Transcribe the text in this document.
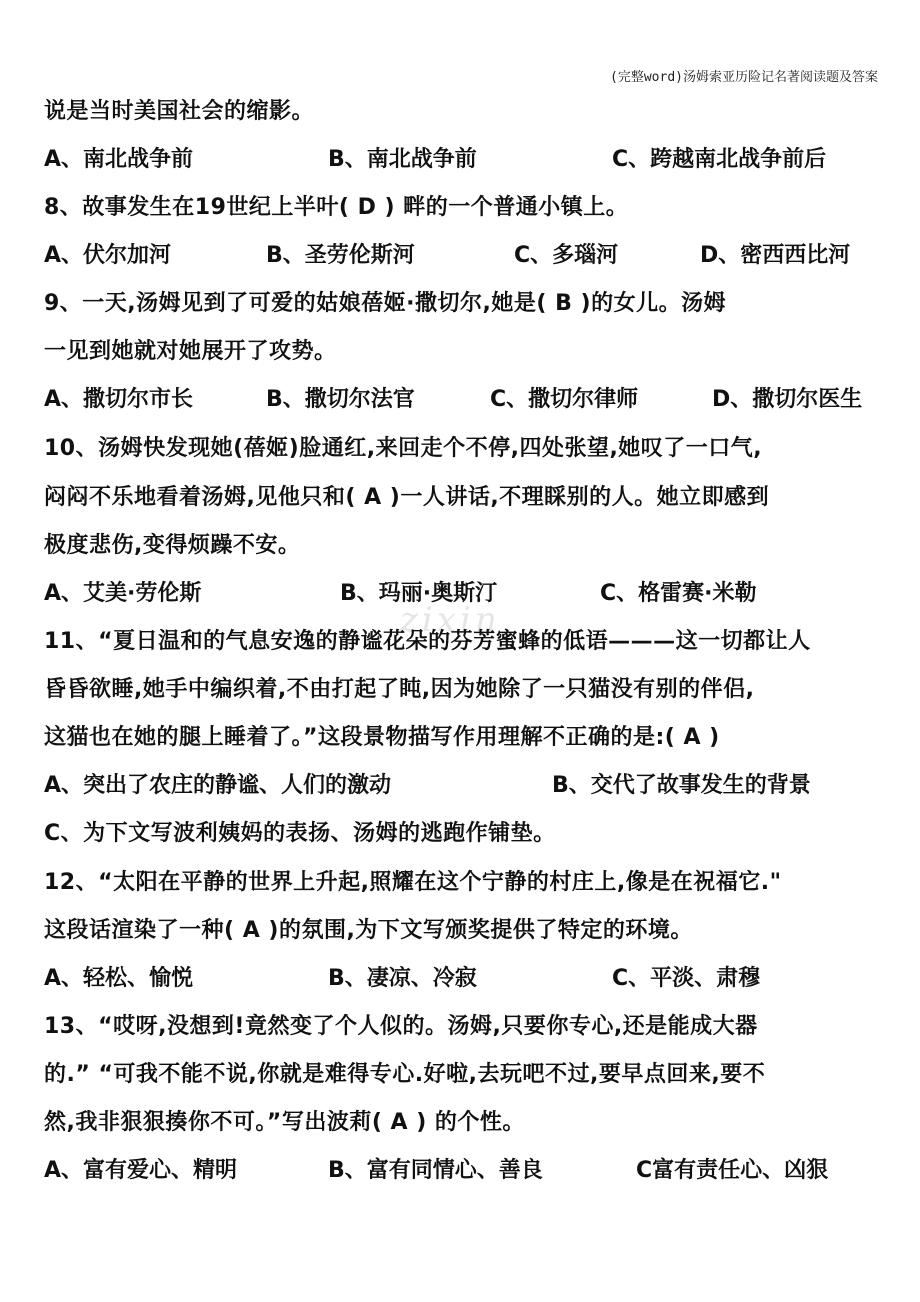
(完整word)汤姆索亚历险记名著阅读题及答案
说是当时美国社会的缩影。
A、南北战争前	B、南北战争前	C、跨越南北战争前后
8、故事发生在19世纪上半叶( D ) 畔的一个普通小镇上。
A、伏尔加河	B、圣劳伦斯河	C、多瑙河	D、密西西比河
9、一天,汤姆见到了可爱的姑娘蓓姬·撒切尔,她是( B )的女儿。汤姆
一见到她就对她展开了攻势。
A、撒切尔市长	B、撒切尔法官	C、撒切尔律师	D、撒切尔医生
10、汤姆快发现她(蓓姬)脸通红,来回走个不停,四处张望,她叹了一口气,
闷闷不乐地看着汤姆,见他只和( A )一人讲话,不理睬别的人。她立即感到
极度悲伤,变得烦躁不安。
A、艾美·劳伦斯	B、玛丽·奥斯汀	C、格雷赛·米勒
zixin
11、“夏日温和的气息安逸的静谧花朵的芬芳蜜蜂的低语———这一切都让人
昏昏欲睡,她手中编织着,不由打起了盹,因为她除了一只猫没有别的伴侣,
这猫也在她的腿上睡着了。”这段景物描写作用理解不正确的是:( A )
A、突出了农庄的静谧、人们的激动	B、交代了故事发生的背景
C、为下文写波利姨妈的表扬、汤姆的逃跑作铺垫。
12、“太阳在平静的世界上升起,照耀在这个宁静的村庄上,像是在祝福它."
这段话渲染了一种( A )的氛围,为下文写颁奖提供了特定的环境。
A、轻松、愉悦	B、凄凉、冷寂	C、平淡、肃穆
13、“哎呀,没想到!竟然变了个人似的。汤姆,只要你专心,还是能成大器
的.” “可我不能不说,你就是难得专心.好啦,去玩吧不过,要早点回来,要不
然,我非狠狠揍你不可。”写出波莉( A ) 的个性。
A、富有爱心、精明	B、富有同情心、善良	C富有责任心、凶狠
